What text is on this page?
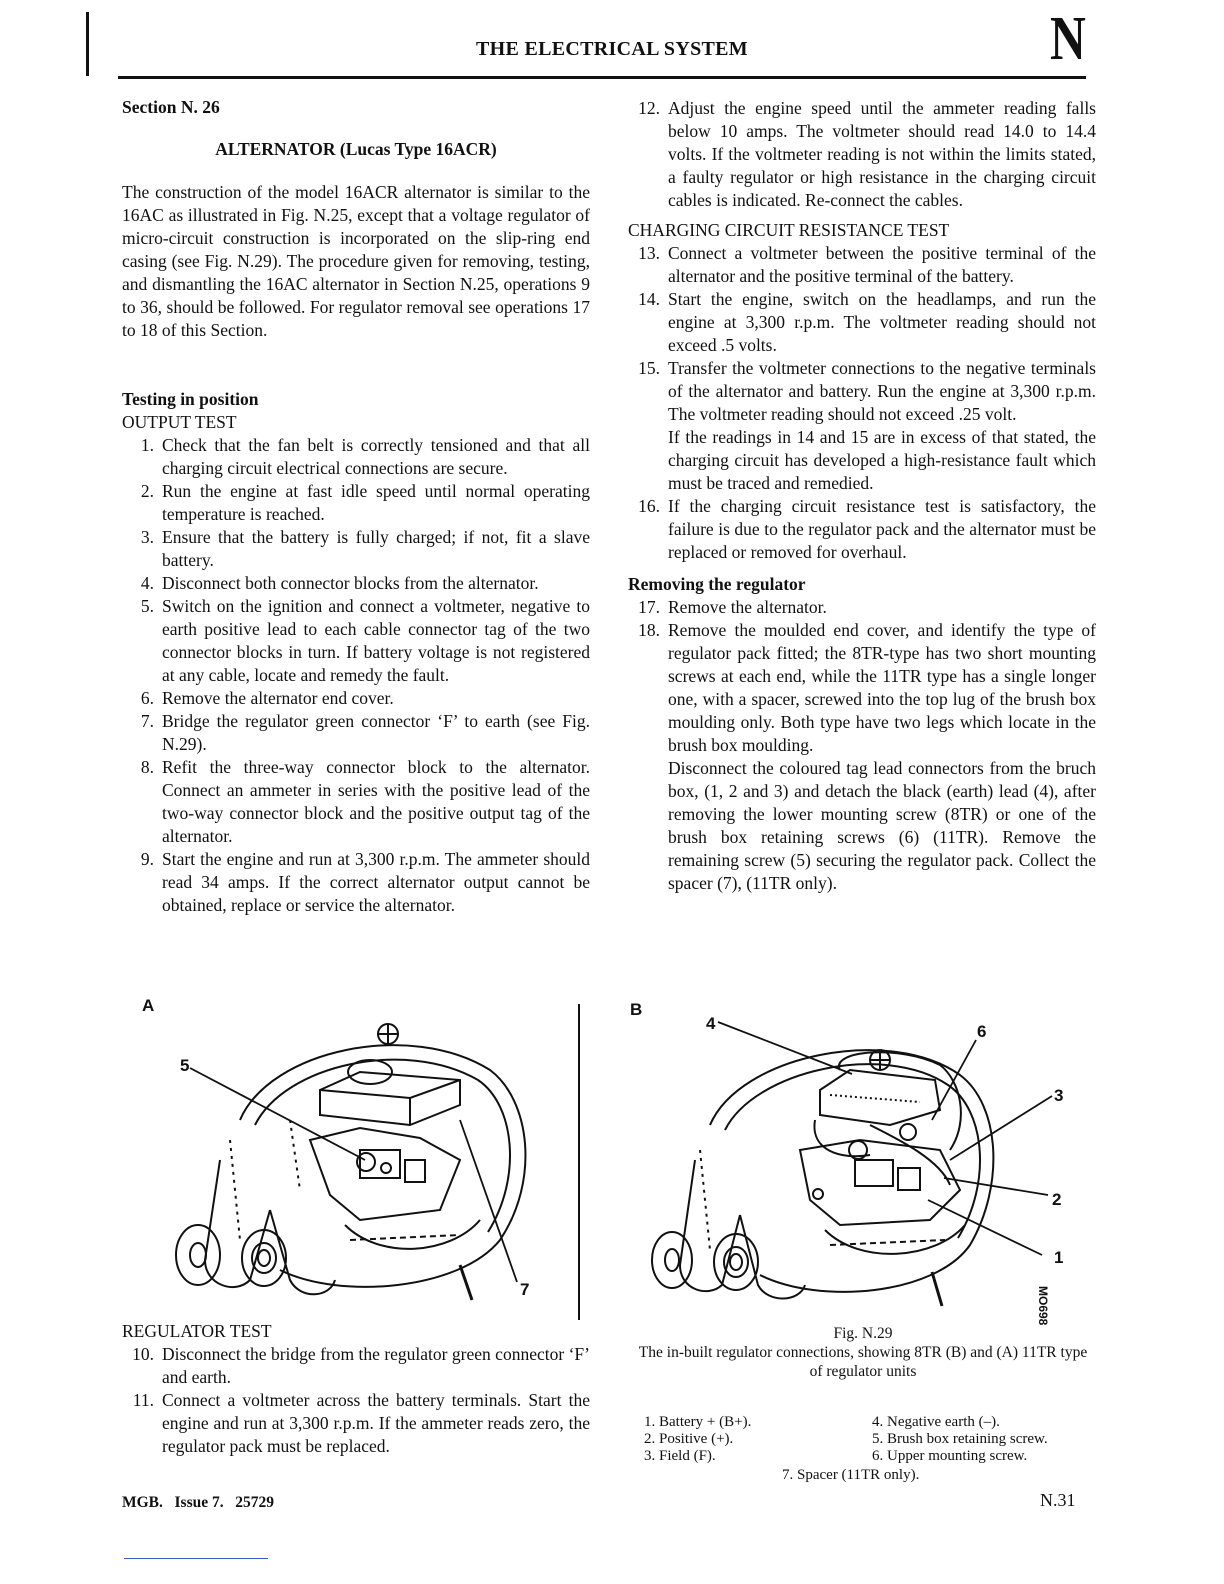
THE ELECTRICAL SYSTEM	N
Section N. 26
ALTERNATOR (Lucas Type 16ACR)
The construction of the model 16ACR alternator is similar to the 16AC as illustrated in Fig. N.25, except that a voltage regulator of micro-circuit construction is incorporated on the slip-ring end casing (see Fig. N.29). The procedure given for removing, testing, and dismantling the 16AC alternator in Section N.25, operations 9 to 36, should be followed. For regulator removal see operations 17 to 18 of this Section.
Testing in position
OUTPUT TEST
1. Check that the fan belt is correctly tensioned and that all charging circuit electrical connections are secure.
2. Run the engine at fast idle speed until normal operating temperature is reached.
3. Ensure that the battery is fully charged; if not, fit a slave battery.
4. Disconnect both connector blocks from the alternator.
5. Switch on the ignition and connect a voltmeter, negative to earth positive lead to each cable connector tag of the two connector blocks in turn. If battery voltage is not registered at any cable, locate and remedy the fault.
6. Remove the alternator end cover.
7. Bridge the regulator green connector ‘F’ to earth (see Fig. N.29).
8. Refit the three-way connector block to the alternator. Connect an ammeter in series with the positive lead of the two-way connector block and the positive output tag of the alternator.
9. Start the engine and run at 3,300 r.p.m. The ammeter should read 34 amps. If the correct alternator output cannot be obtained, replace or service the alternator.
REGULATOR TEST
10. Disconnect the bridge from the regulator green connector ‘F’ and earth.
11. Connect a voltmeter across the battery terminals. Start the engine and run at 3,300 r.p.m. If the ammeter reads zero, the regulator pack must be replaced.
12. Adjust the engine speed until the ammeter reading falls below 10 amps. The voltmeter should read 14.0 to 14.4 volts. If the voltmeter reading is not within the limits stated, a faulty regulator or high resistance in the charging circuit cables is indicated. Re-connect the cables.
CHARGING CIRCUIT RESISTANCE TEST
13. Connect a voltmeter between the positive terminal of the alternator and the positive terminal of the battery.
14. Start the engine, switch on the headlamps, and run the engine at 3,300 r.p.m. The voltmeter reading should not exceed .5 volts.
15. Transfer the voltmeter connections to the negative terminals of the alternator and battery. Run the engine at 3,300 r.p.m. The voltmeter reading should not exceed .25 volt.

If the readings in 14 and 15 are in excess of that stated, the charging circuit has developed a high-resistance fault which must be traced and remedied.

16. If the charging circuit resistance test is satisfactory, the failure is due to the regulator pack and the alternator must be replaced or removed for overhaul.
Removing the regulator
17. Remove the alternator.
18. Remove the moulded end cover, and identify the type of regulator pack fitted; the 8TR-type has two short mounting screws at each end, while the 11TR type has a single longer one, with a spacer, screwed into the top lug of the brush box moulding only. Both type have two legs which locate in the brush box moulding.

Disconnect the coloured tag lead connectors from the bruch box, (1, 2 and 3) and detach the black (earth) lead (4), after removing the lower mounting screw (8TR) or one of the brush box retaining screws (6) (11TR). Remove the remaining screw (5) securing the regulator pack. Collect the spacer (7), (11TR only).

A
5
7
B
4	6
3
2
1
MO698
Fig. N.29
The in-built regulator connections, showing 8TR (B) and (A) 11TR type of regulator units
1. Battery + (B+).
2. Positive (+).
3. Field (F).
4. Negative earth (–).
5. Brush box retaining screw.
6. Upper mounting screw.
7. Spacer (11TR only).
MGB.   Issue 7.   25729	N.31
